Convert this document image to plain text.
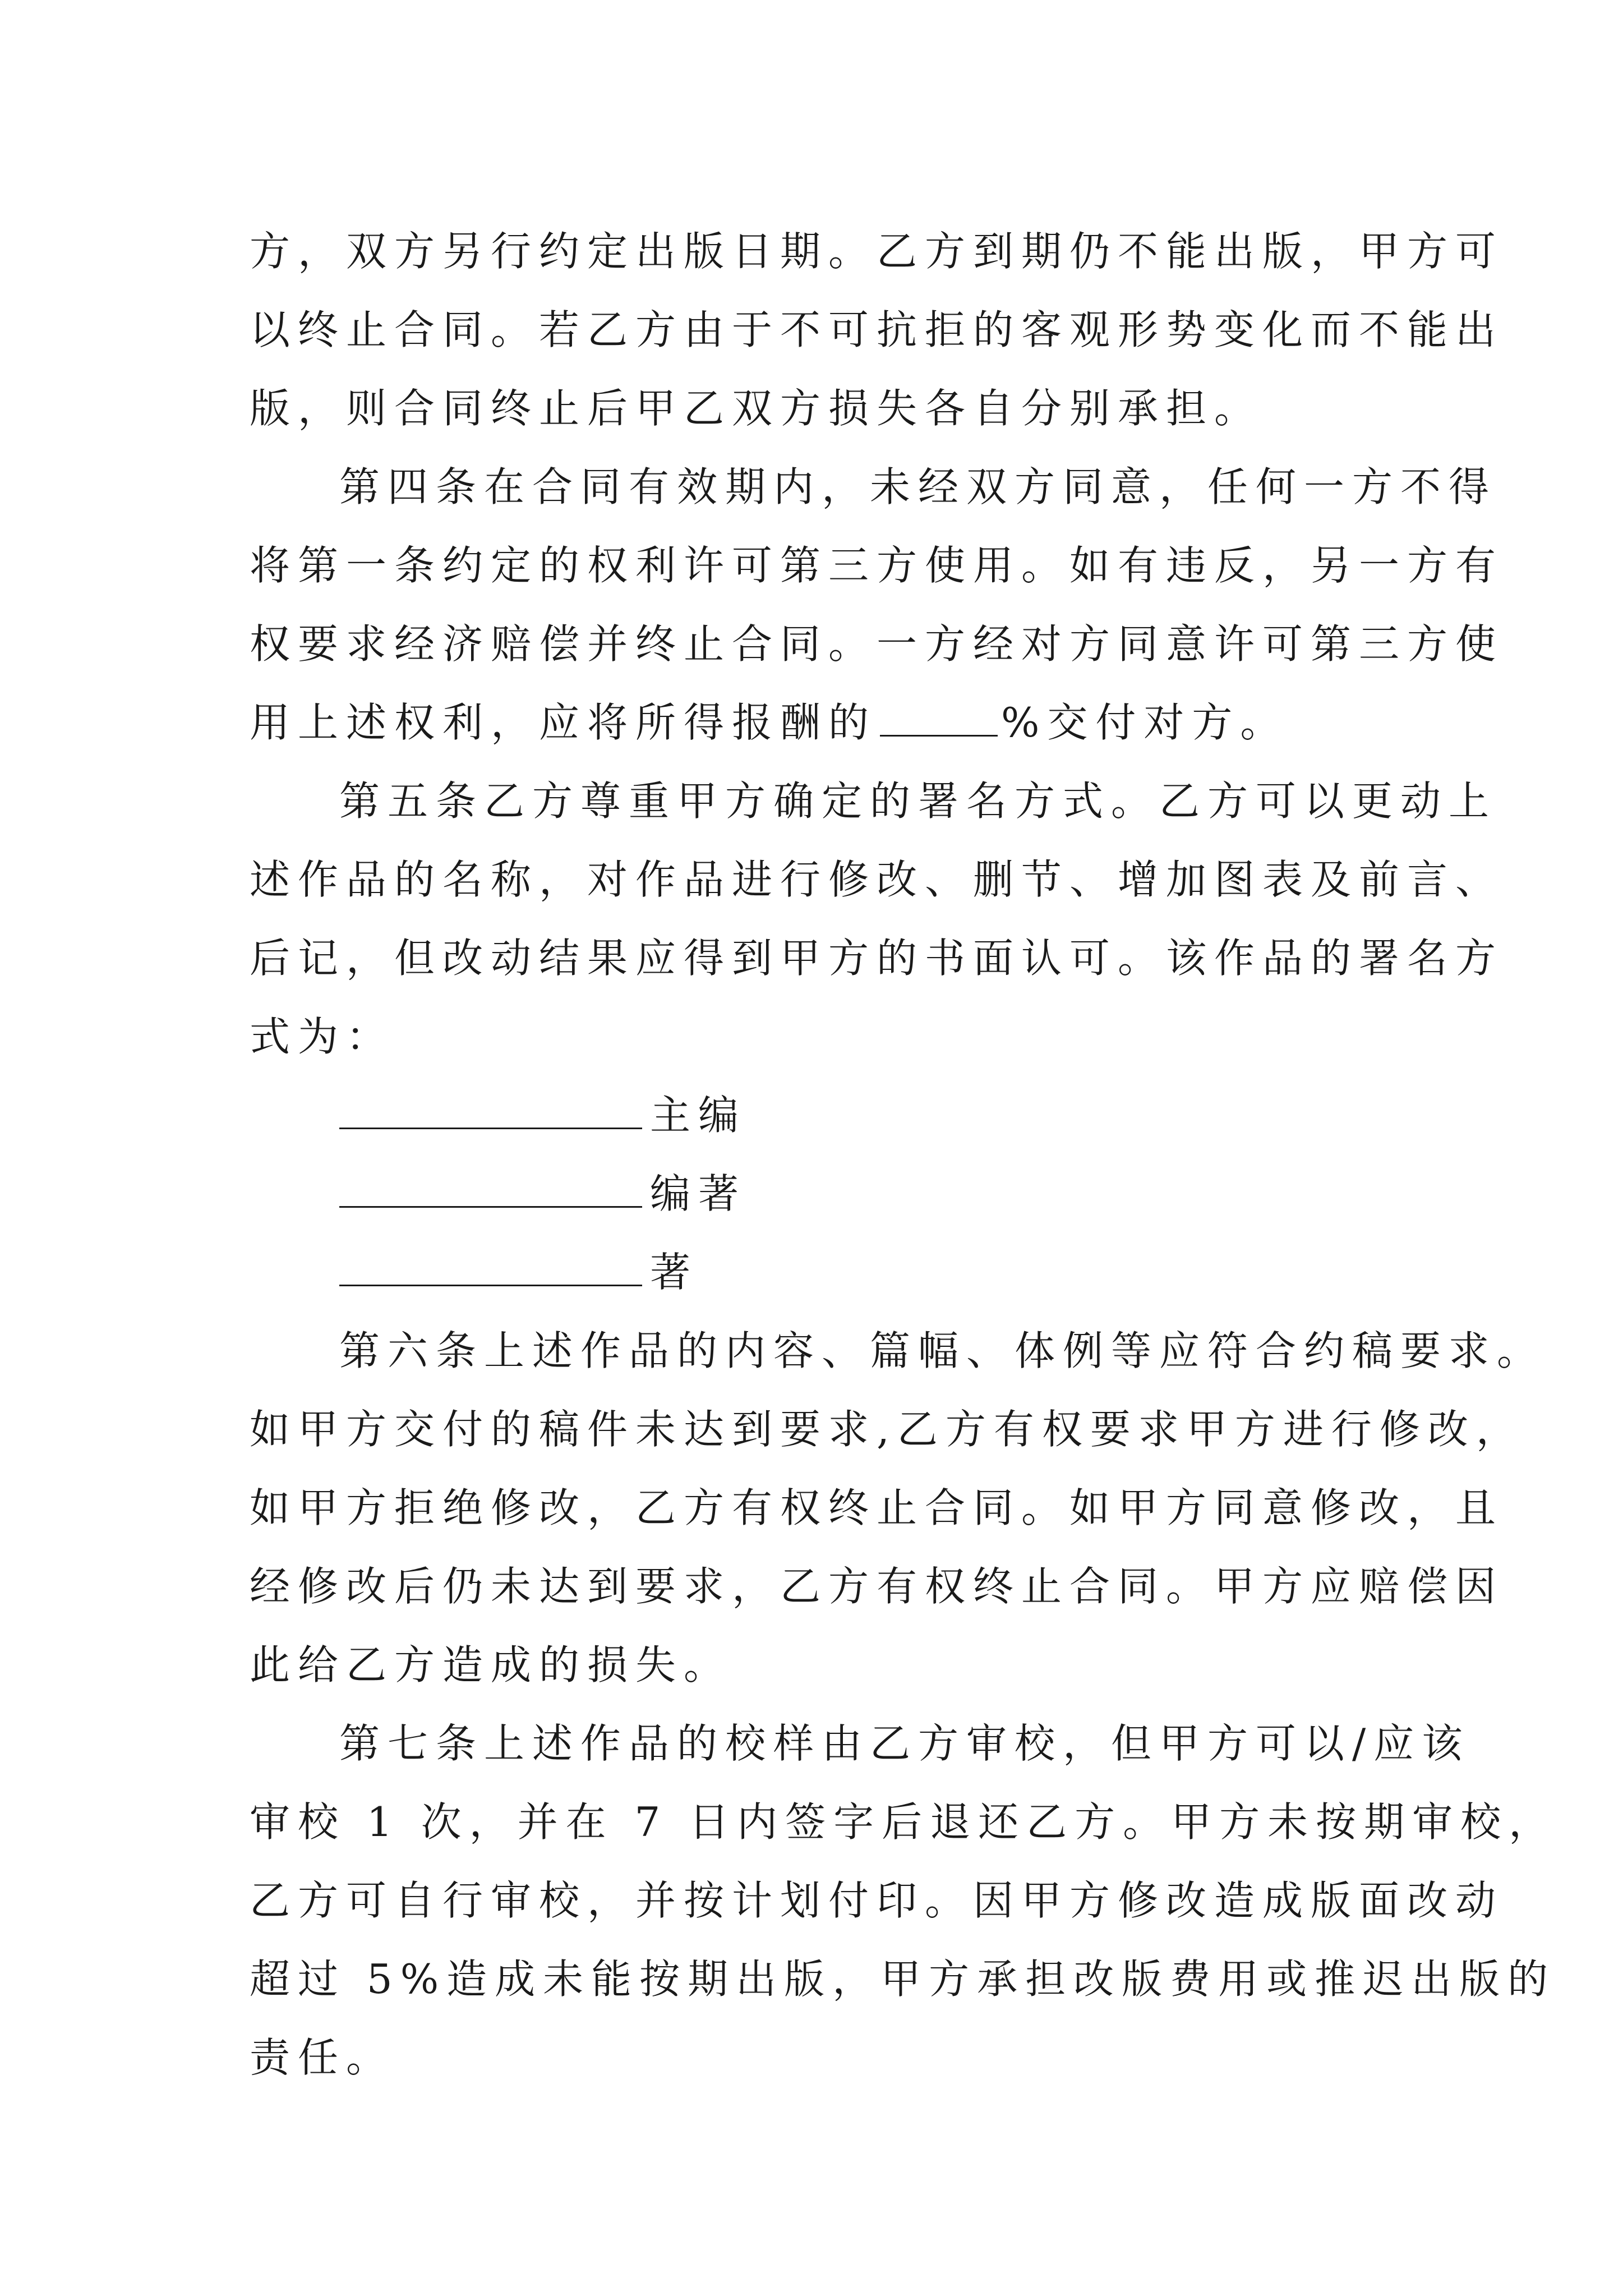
方，双方另行约定出版日期。乙方到期仍不能出版，甲方可
以终止合同。若乙方由于不可抗拒的客观形势变化而不能出
版，则合同终止后甲乙双方损失各自分别承担。
第四条在合同有效期内，未经双方同意，任何一方不得
将第一条约定的权利许可第三方使用。如有违反，另一方有
权要求经济赔偿并终止合同。一方经对方同意许可第三方使
用上述权利，应将所得报酬的	%交付对方。
第五条乙方尊重甲方确定的署名方式。乙方可以更动上
述作品的名称，对作品进行修改、删节、增加图表及前言、
后记，但改动结果应得到甲方的书面认可。该作品的署名方
式为：
主编
编著
著
第六条上述作品的内容、篇幅、体例等应符合约稿要求。
如甲方交付的稿件未达到要求,乙方有权要求甲方进行修改，
如甲方拒绝修改，乙方有权终止合同。如甲方同意修改，且
经修改后仍未达到要求，乙方有权终止合同。甲方应赔偿因
此给乙方造成的损失。
第七条上述作品的校样由乙方审校，但甲方可以/应该
审校 1 次，并在 7 日内签字后退还乙方。甲方未按期审校，
乙方可自行审校，并按计划付印。因甲方修改造成版面改动
超过 5%造成未能按期出版，甲方承担改版费用或推迟出版的
责任。
